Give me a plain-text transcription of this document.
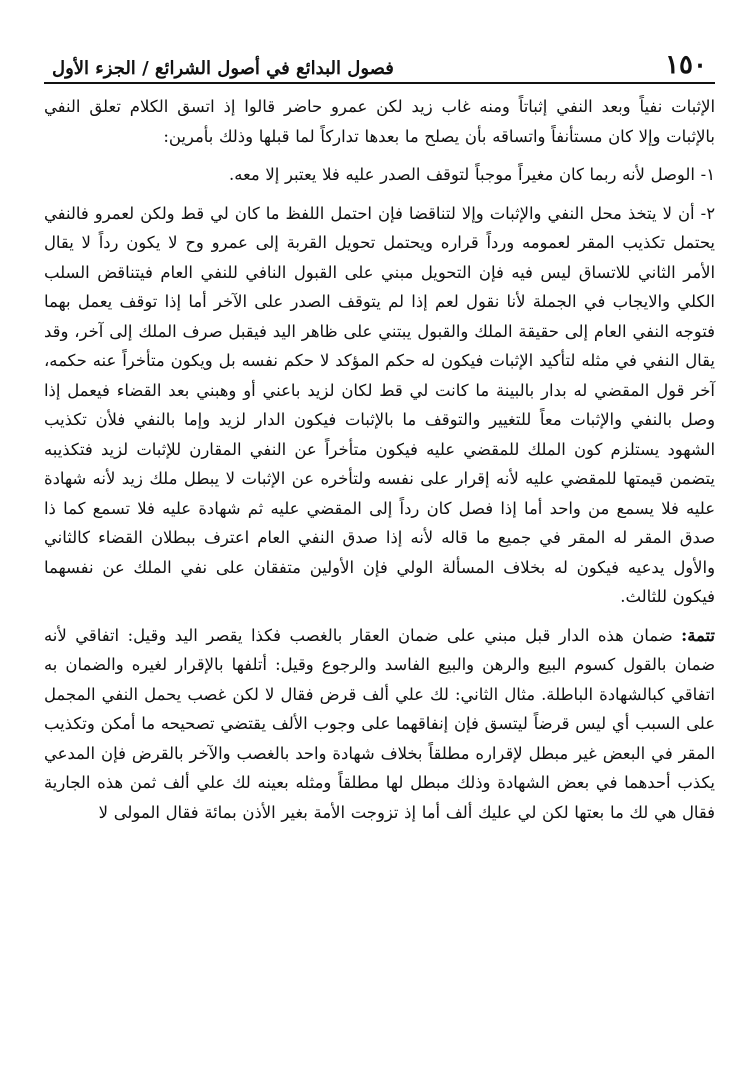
١٥٠
فصول البدائع في أصول الشرائع / الجزء الأول

الإثبات نفياً وبعد النفي إثباتاً ومنه غاب زيد لكن عمرو حاضر قالوا إذ اتسق الكلام تعلق النفي بالإثبات وإلا كان مستأنفاً واتساقه بأن يصلح ما بعدها تداركاً لما قبلها وذلك بأمرين:

١- الوصل لأنه ربما كان مغيراً موجباً لتوقف الصدر عليه فلا يعتبر إلا معه.

٢- أن لا يتخذ محل النفي والإثبات وإلا لتناقضا فإن احتمل اللفظ ما كان لي قط ولكن لعمرو فالنفي يحتمل تكذيب المقر لعمومه ورداً قراره ويحتمل تحويل القربة إلى عمرو وح لا يكون رداً لا يقال الأمر الثاني للاتساق ليس فيه فإن التحويل مبني على القبول النافي للنفي العام فيتناقض السلب الكلي والايجاب في الجملة لأنا نقول لعم إذا لم يتوقف الصدر على الآخر أما إذا توقف يعمل بهما فتوجه النفي العام إلى حقيقة الملك والقبول يبتني على ظاهر اليد فيقبل صرف الملك إلى آخر، وقد يقال النفي في مثله لتأكيد الإثبات فيكون له حكم المؤكد لا حكم نفسه بل ويكون متأخراً عنه حكمه، آخر قول المقضي له بدار بالبينة ما كانت لي قط لكان لزيد باعني أو وهبني بعد القضاء فيعمل إذا وصل بالنفي والإثبات معاً للتغيير والتوقف ما بالإثبات فيكون الدار لزيد وإما بالنفي فلأن تكذيب الشهود يستلزم كون الملك للمقضي عليه فيكون متأخراً عن النفي المقارن للإثبات لزيد فتكذيبه يتضمن قيمتها للمقضي عليه لأنه إقرار على نفسه ولتأخره عن الإثبات لا يبطل ملك زيد لأنه شهادة عليه فلا يسمع من واحد أما إذا فصل كان رداً إلى المقضي عليه ثم شهادة عليه فلا تسمع كما ذا صدق المقر له المقر في جميع ما قاله لأنه إذا صدق النفي العام اعترف ببطلان القضاء كالثاني والأول يدعيه فيكون له بخلاف المسألة الولي فإن الأولين متفقان على نفي الملك عن نفسهما فيكون للثالث.

تتمة: ضمان هذه الدار قبل مبني على ضمان العقار بالغصب فكذا يقصر اليد وقيل: اتفاقي لأنه ضمان بالقول كسوم البيع والرهن والبيع الفاسد والرجوع وقيل: أتلفها بالإقرار لغيره والضمان به اتفاقي كبالشهادة الباطلة. مثال الثاني: لك علي ألف قرض فقال لا لكن غصب يحمل النفي المجمل على السبب أي ليس قرضاً ليتسق فإن إنفاقهما على وجوب الألف يقتضي تصحيحه ما أمكن وتكذيب المقر في البعض غير مبطل لإقراره مطلقاً بخلاف شهادة واحد بالغصب والآخر بالقرض فإن المدعي يكذب أحدهما في بعض الشهادة وذلك مبطل لها مطلقاً ومثله بعينه لك علي ألف ثمن هذه الجارية فقال هي لك ما بعتها لكن لي عليك ألف أما إذ تزوجت الأمة بغير الأذن بمائة فقال المولى لا
